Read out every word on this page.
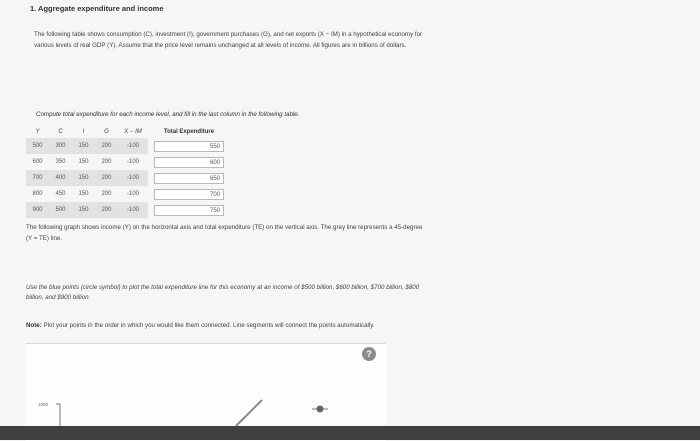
1. Aggregate expenditure and income

The following table shows consumption (C), investment (I), government purchases (G), and net exports (X − IM) in a hypothetical economy for

various levels of real GDP (Y). Assume that the price level remains unchanged at all levels of income. All figures are in billions of dollars.

Compute total expenditure for each income level, and fill in the last column in the following table.
Y	C	I	G	X − IM	Total Expenditure
500	300	150	200	-100	550

600	350	150	200	-100	600

700	400	150	200	-100	650

800	450	150	200	-100	700

900	500	150	200	-100	750

The following graph shows income (Y) on the horizontal axis and total expenditure (TE) on the vertical axis. The grey line represents a 45-degree

(Y = TE) line.

Use the blue points (circle symbol) to plot the total expenditure line for this economy at an income of $500 billion, $600 billion, $700 billion, $800

billion, and $900 billion.

Note: Plot your points in the order in which you would like them connected. Line segments will connect the points automatically.
?
1000
